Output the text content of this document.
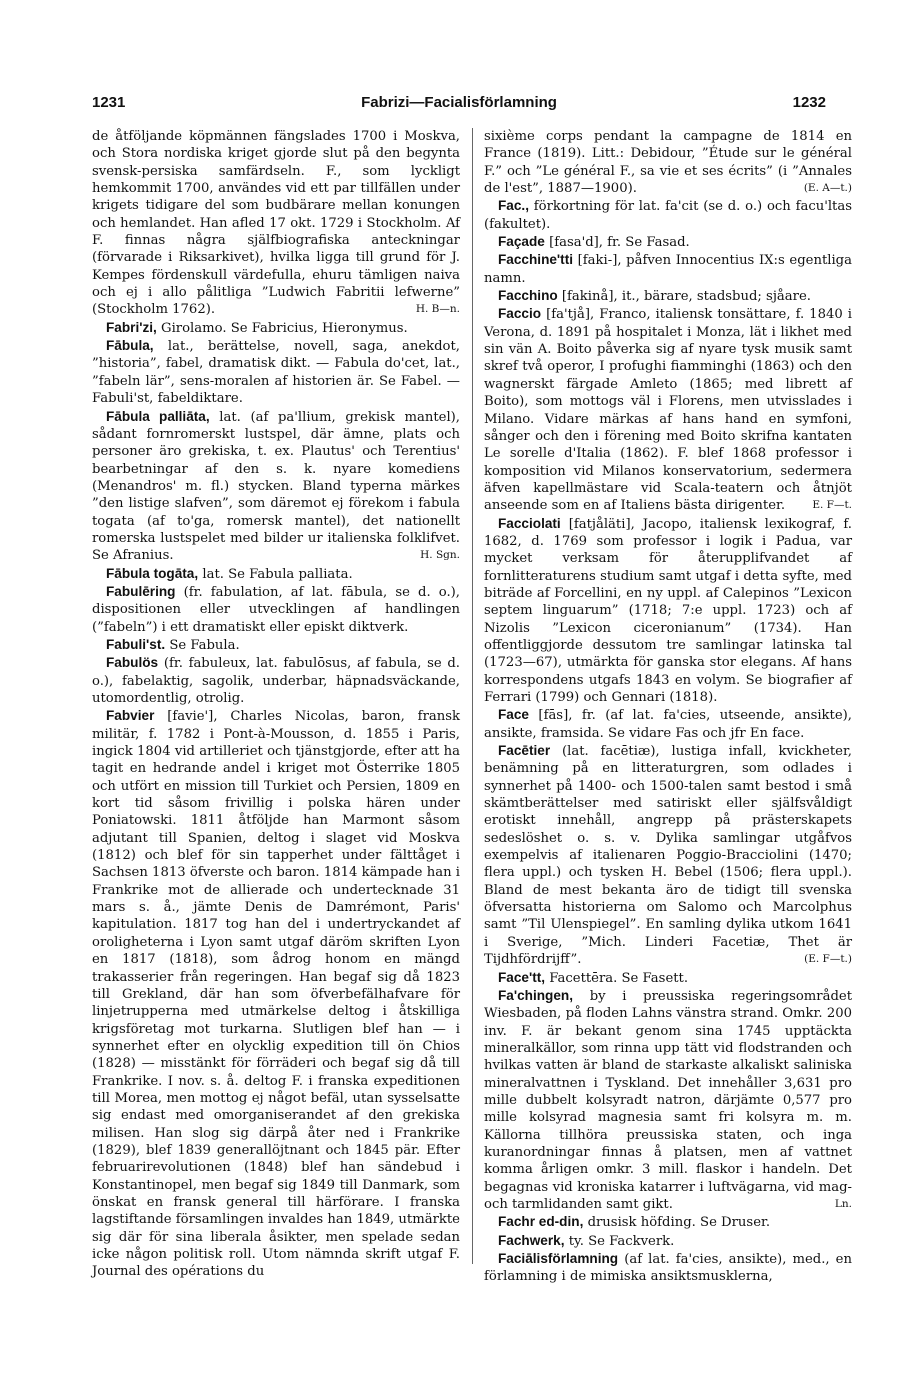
1231	Fabrizi—Facialisförlamning	1232

de åtföljande köpmännen fängslades 1700 i Moskva, och Stora nordiska kriget gjorde slut på den begynta svensk-persiska samfärdseln. F., som lyckligt hemkommit 1700, användes vid ett par tillfällen under krigets tidigare del som budbärare mellan konungen och hemlandet. Han afled 17 okt. 1729 i Stockholm. Af F. finnas några själfbiografiska anteckningar (förvarade i Riksarkivet), hvilka ligga till grund för J. Kempes fördenskull värdefulla, ehuru tämligen naiva och ej i allo pålitliga ”Ludwich Fabritii lefwerne” (Stockholm 1762).	H. B—n.

Fabri'zi, Girolamo. Se Fabricius, Hieronymus.

Fābula, lat., berättelse, novell, saga, anekdot, ”historia”, fabel, dramatisk dikt. — Fabula do'cet, lat., ”fabeln lär”, sens-moralen af historien är. Se Fabel. — Fabuli'st, fabeldiktare.

Fābula palliāta, lat. (af pa'llium, grekisk mantel), sådant fornromerskt lustspel, där ämne, plats och personer äro grekiska, t. ex. Plautus' och Terentius' bearbetningar af den s. k. nyare komediens (Menandros' m. fl.) stycken. Bland typerna märkes ”den listige slafven”, som däremot ej förekom i fabula togata (af to'ga, romersk mantel), det nationellt romerska lustspelet med bilder ur italienska folklifvet. Se Afranius.	H. Sgn.

Fābula togāta, lat. Se Fabula palliata.

Fabulēring (fr. fabulation, af lat. fābula, se d. o.), dispositionen eller utvecklingen af handlingen (”fabeln”) i ett dramatiskt eller episkt diktverk.

Fabuli'st. Se Fabula.

Fabulös (fr. fabuleux, lat. fabulōsus, af fabula, se d. o.), fabelaktig, sagolik, underbar, häpnadsväckande, utomordentlig, otrolig.

Fabvier [favie'], Charles Nicolas, baron, fransk militär, f. 1782 i Pont-à-Mousson, d. 1855 i Paris, ingick 1804 vid artilleriet och tjänstgjorde, efter att ha tagit en hedrande andel i kriget mot Österrike 1805 och utfört en mission till Turkiet och Persien, 1809 en kort tid såsom frivillig i polska hären under Poniatowski. 1811 åtföljde han Marmont såsom adjutant till Spanien, deltog i slaget vid Moskva (1812) och blef för sin tapperhet under fälttåget i Sachsen 1813 öfverste och baron. 1814 kämpade han i Frankrike mot de allierade och undertecknade 31 mars s. å., jämte Denis de Damrémont, Paris' kapitulation. 1817 tog han del i undertryckandet af oroligheterna i Lyon samt utgaf däröm skriften Lyon en 1817 (1818), som ådrog honom en mängd trakasserier från regeringen. Han begaf sig då 1823 till Grekland, där han som öfverbefälhafvare för linjetrupperna med utmärkelse deltog i åtskilliga krigsföretag mot turkarna. Slutligen blef han — i synnerhet efter en olycklig expedition till ön Chios (1828) — misstänkt för förräderi och begaf sig då till Frankrike. I nov. s. å. deltog F. i franska expeditionen till Morea, men mottog ej något befäl, utan sysselsatte sig endast med omorganiserandet af den grekiska milisen. Han slog sig därpå åter ned i Frankrike (1829), blef 1839 generallöjtnant och 1845 pär. Efter februarirevolutionen (1848) blef han sändebud i Konstantinopel, men begaf sig 1849 till Danmark, som önskat en fransk general till härförare. I franska lagstiftande församlingen invaldes han 1849, utmärkte sig där för sina liberala åsikter, men spelade sedan icke någon politisk roll. Utom nämnda skrift utgaf F. Journal des opérations du

sixième corps pendant la campagne de 1814 en France (1819). Litt.: Debidour, ”Étude sur le général F.” och ”Le général F., sa vie et ses écrits” (i ”Annales de l'est”, 1887—1900).	(E. A—t.)

Fac., förkortning för lat. fa'cit (se d. o.) och facu'ltas (fakultet).

Façade [fasa'd], fr. Se Fasad.

Facchine'tti [faki-], påfven Innocentius IX:s egentliga namn.

Facchino [fakinå], it., bärare, stadsbud; sjåare.

Faccio [fa'tjå], Franco, italiensk tonsättare, f. 1840 i Verona, d. 1891 på hospitalet i Monza, lät i likhet med sin vän A. Boito påverka sig af nyare tysk musik samt skref två operor, I profughi fiamminghi (1863) och den wagnerskt färgade Amleto (1865; med librett af Boito), som mottogs väl i Florens, men utvisslades i Milano. Vidare märkas af hans hand en symfoni, sånger och den i förening med Boito skrifna kantaten Le sorelle d'Italia (1862). F. blef 1868 professor i komposition vid Milanos konservatorium, sedermera äfven kapellmästare vid Scala-teatern och åtnjöt anseende som en af Italiens bästa dirigenter.	E. F—t.

Facciolati [fatjåläti], Jacopo, italiensk lexikograf, f. 1682, d. 1769 som professor i logik i Padua, var mycket verksam för återupplifvandet af fornlitteraturens studium samt utgaf i detta syfte, med biträde af Forcellini, en ny uppl. af Calepinos ”Lexicon septem linguarum” (1718; 7:e uppl. 1723) och af Nizolis ”Lexicon ciceronianum” (1734). Han offentliggjorde dessutom tre samlingar latinska tal (1723—67), utmärkta för ganska stor elegans. Af hans korrespondens utgafs 1843 en volym. Se biografier af Ferrari (1799) och Gennari (1818).

Face [fās], fr. (af lat. fa'cies, utseende, ansikte), ansikte, framsida. Se vidare Fas och jfr En face.

Facētier (lat. facētiæ), lustiga infall, kvickheter, benämning på en litteraturgren, som odlades i synnerhet på 1400- och 1500-talen samt bestod i små skämtberättelser med satiriskt eller själfsvåldigt erotiskt innehåll, angrepp på prästerskapets sedeslöshet o. s. v. Dylika samlingar utgåfvos exempelvis af italienaren Poggio-Bracciolini (1470; flera uppl.) och tysken H. Bebel (1506; flera uppl.). Bland de mest bekanta äro de tidigt till svenska öfversatta historierna om Salomo och Marcolphus samt ”Til Ulenspiegel”. En samling dylika utkom 1641 i Sverige, ”Mich. Linderi Facetiæ, Thet är Tijdhfördrijff”.	(E. F—t.)

Face'tt, Facettēra. Se Fasett.

Fa'chingen, by i preussiska regeringsområdet Wiesbaden, på floden Lahns vänstra strand. Omkr. 200 inv. F. är bekant genom sina 1745 upptäckta mineralkällor, som rinna upp tätt vid flodstranden och hvilkas vatten är bland de starkaste alkaliskt saliniska mineralvattnen i Tyskland. Det innehåller 3,631 pro mille dubbelt kolsyradt natron, därjämte 0,577 pro mille kolsyrad magnesia samt fri kolsyra m. m. Källorna tillhöra preussiska staten, och inga kuranordningar finnas å platsen, men af vattnet komma årligen omkr. 3 mill. flaskor i handeln. Det begagnas vid kroniska katarrer i luftvägarna, vid mag- och tarmlidanden samt gikt.	Ln.

Fachr ed-din, drusisk höfding. Se Druser.

Fachwerk, ty. Se Fackverk.

Faciālisförlamning (af lat. fa'cies, ansikte), med., en förlamning i de mimiska ansiktsmusklerna,
